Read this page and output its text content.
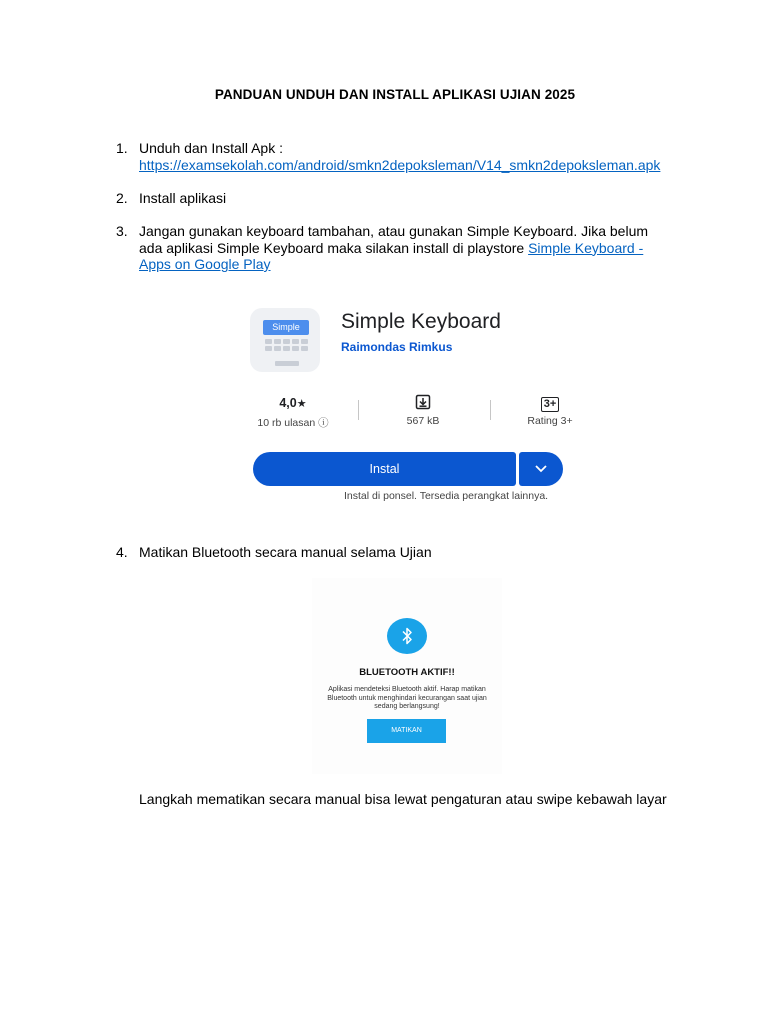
PANDUAN UNDUH DAN INSTALL APLIKASI UJIAN 2025
1. Unduh dan Install Apk :
https://examsekolah.com/android/smkn2depoksleman/V14_smkn2depoksleman.apk
2. Install aplikasi
3. Jangan gunakan keyboard tambahan, atau gunakan Simple Keyboard. Jika belum ada aplikasi Simple Keyboard maka silakan install di playstore Simple Keyboard - Apps on Google Play
Simple	Simple Keyboard
Raimondas Rimkus
4,0★
10 rb ulasan ⓘ	567 kB
3+
Rating 3+
Instal
Instal di ponsel. Tersedia perangkat lainnya.
4. Matikan Bluetooth secara manual selama Ujian
BLUETOOTH AKTIF!!
Aplikasi mendeteksi Bluetooth aktif. Harap matikan Bluetooth untuk menghindari kecurangan saat ujian sedang berlangsung!
MATIKAN
Langkah mematikan secara manual bisa lewat pengaturan atau swipe kebawah layar
